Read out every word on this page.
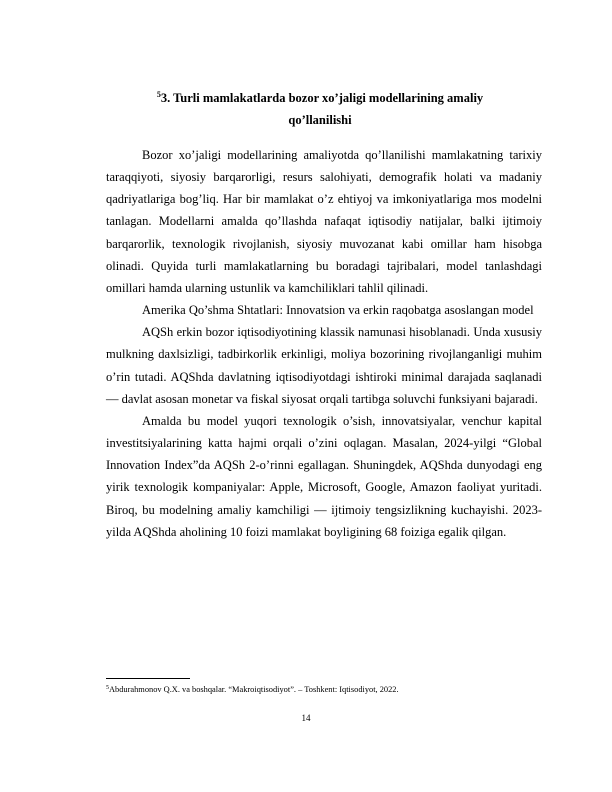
$^5$3. Turli mamlakatlarda bozor xo’jaligi modellarining amaliy
qo’llanilishi

Bozor xo’jaligi modellarining amaliyotda qo’llanilishi mamlakatning tarixiy taraqqiyoti, siyosiy barqarorligi, resurs salohiyati, demografik holati va madaniy qadriyatlariga bog’liq. Har bir mamlakat o’z ehtiyoj va imkoniyatlariga mos modelni tanlagan. Modellarni amalda qo’llashda nafaqat iqtisodiy natijalar, balki ijtimoiy barqarorlik, texnologik rivojlanish, siyosiy muvozanat kabi omillar ham hisobga olinadi. Quyida turli mamlakatlarning bu boradagi tajribalari, model tanlashdagi omillari hamda ularning ustunlik va kamchiliklari tahlil qilinadi.

Amerika Qo’shma Shtatlari: Innovatsion va erkin raqobatga asoslangan model

AQSh erkin bozor iqtisodiyotining klassik namunasi hisoblanadi. Unda xususiy mulkning daxlsizligi, tadbirkorlik erkinligi, moliya bozorining rivojlanganligi muhim o’rin tutadi. AQShda davlatning iqtisodiyotdagi ishtiroki minimal darajada saqlanadi — davlat asosan monetar va fiskal siyosat orqali tartibga soluvchi funksiyani bajaradi.

Amalda bu model yuqori texnologik o’sish, innovatsiyalar, venchur kapital investitsiyalarining katta hajmi orqali o’zini oqlagan. Masalan, 2024-yilgi “Global Innovation Index”da AQSh 2-o’rinni egallagan. Shuningdek, AQShda dunyodagi eng yirik texnologik kompaniyalar: Apple, Microsoft, Google, Amazon faoliyat yuritadi. Biroq, bu modelning amaliy kamchiligi — ijtimoiy tengsizlikning kuchayishi. 2023-yilda AQShda aholining 10 foizi mamlakat boyligining 68 foiziga egalik qilgan.

$^5$Abdurahmonov Q.X. va boshqalar. “Makroiqtisodiyot”. – Toshkent: Iqtisodiyot, 2022.
14
